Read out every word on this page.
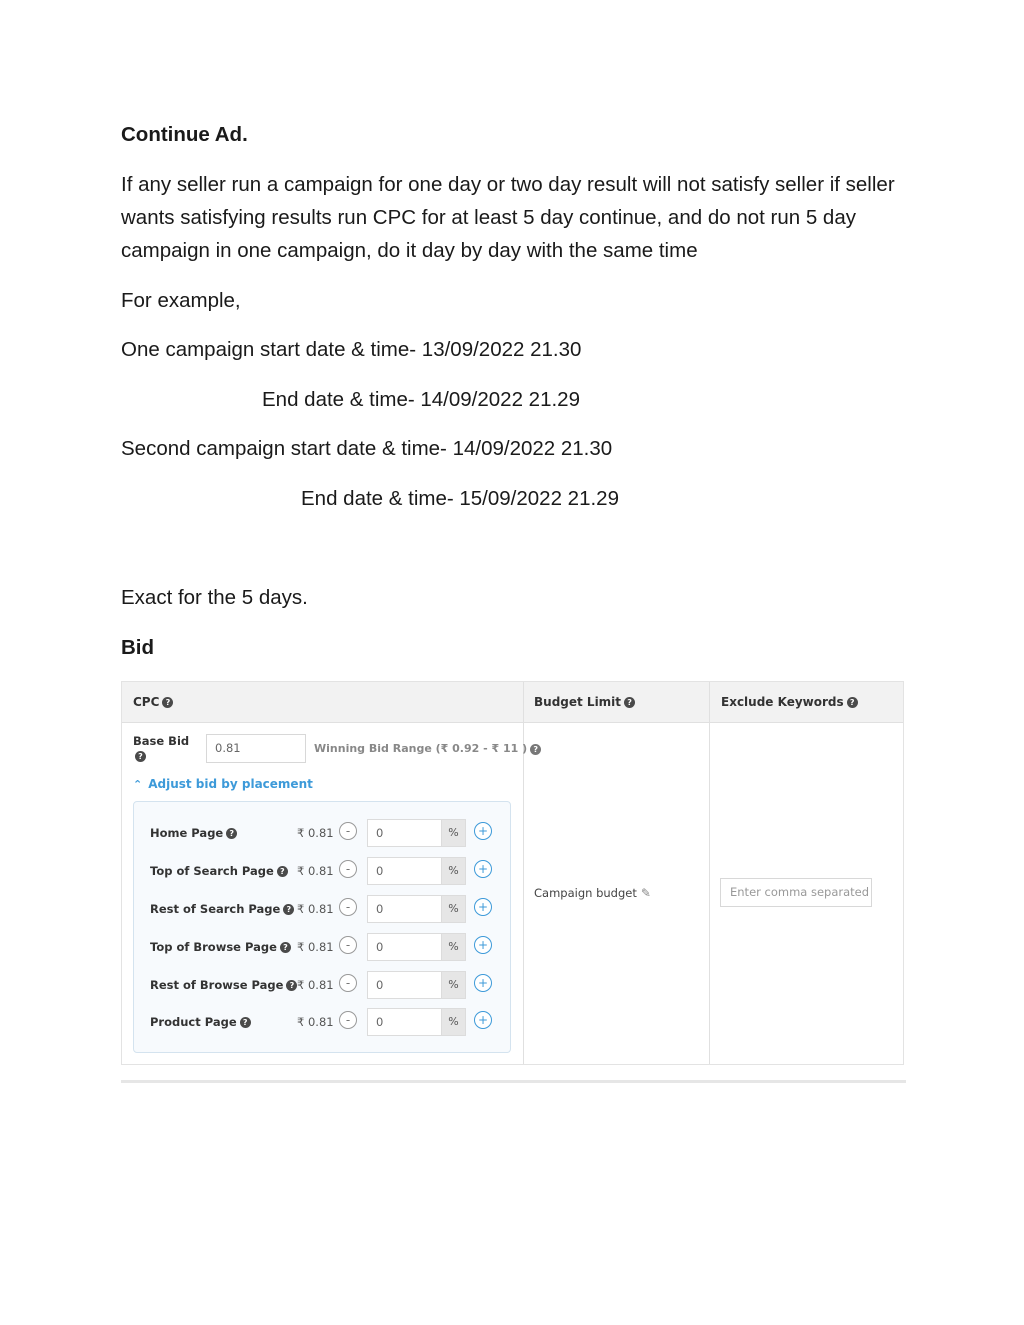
Continue Ad.

If any seller run a campaign for one day or two day result will not satisfy seller if seller wants satisfying results run CPC for at least 5 day continue, and do not run 5 day campaign in one campaign, do it day by day with the same time

For example,

One campaign start date & time- 13/09/2022 21.30

End date & time- 14/09/2022 21.29

Second campaign start date & time- 14/09/2022 21.30

End date & time- 15/09/2022 21.29

Exact for the 5 days.

Bid

CPC ?	Budget Limit ?	Exclude Keywords ?
Base Bid
?
0.81	Winning Bid Range (₹ 0.92 - ₹ 11 ) ?
⌃ Adjust bid by placement
Home Page ?	₹ 0.81	-	0	%	+
Top of Search Page ? ₹ 0.81	-	0	%	+
Rest of Search Page ? ₹ 0.81	-	0	%	+
Top of Browse Page ? ₹ 0.81	-	0	%	+
Rest of Browse Page ? ₹ 0.81	-	0	%	+
Product Page ?	₹ 0.81	-	0	%	+
Campaign budget ✎	Enter comma separated
